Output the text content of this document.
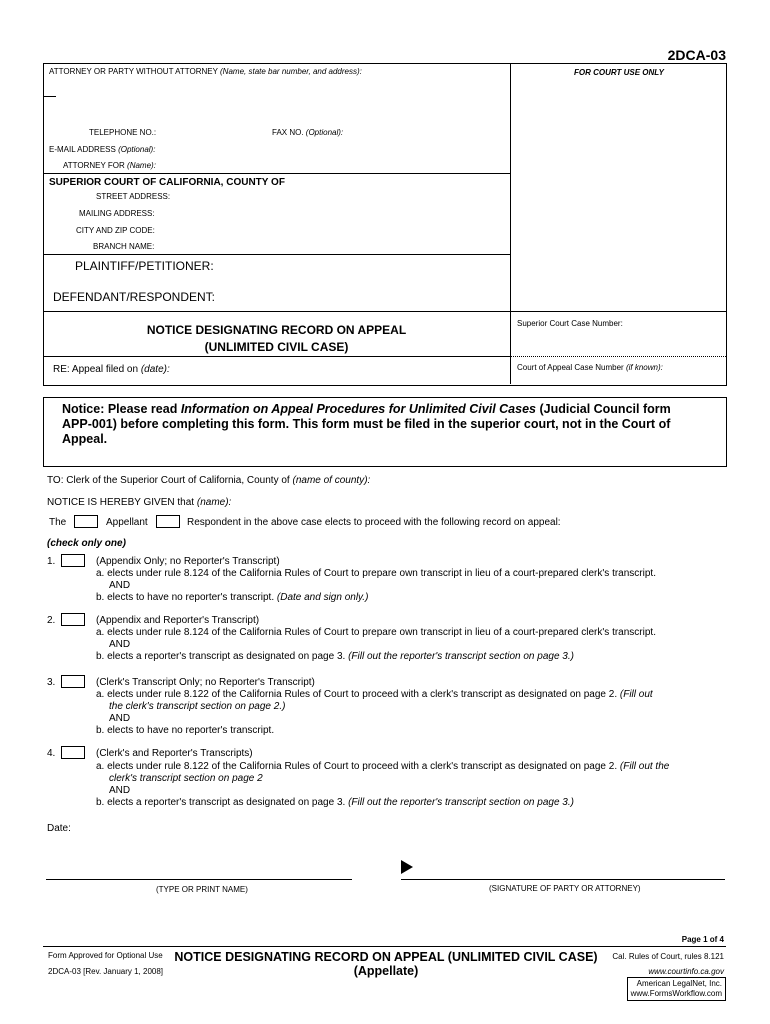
2DCA-03
ATTORNEY OR PARTY WITHOUT ATTORNEY (Name, state bar number, and address):	FOR COURT USE ONLY
TELEPHONE NO.:	FAX NO. (Optional):
E-MAIL ADDRESS (Optional):
ATTORNEY FOR (Name):
SUPERIOR COURT OF CALIFORNIA, COUNTY OF
STREET ADDRESS:
MAILING ADDRESS:
CITY AND ZIP CODE:
BRANCH NAME:
PLAINTIFF/PETITIONER:
DEFENDANT/RESPONDENT:
NOTICE DESIGNATING RECORD ON APPEAL
(UNLIMITED CIVIL CASE)
Superior Court Case Number:
RE: Appeal filed on (date):	Court of Appeal Case Number (if known):
Notice: Please read Information on Appeal Procedures for Unlimited Civil Cases (Judicial Council form
APP-001) before completing this form. This form must be filed in the superior court, not in the Court of
Appeal.
TO: Clerk of the Superior Court of California, County of (name of county):
NOTICE IS HEREBY GIVEN that (name):
The	Appellant	Respondent in the above case elects to proceed with the following record on appeal:
(check only one)
1.	(Appendix Only; no Reporter's Transcript)
a. elects under rule 8.124 of the California Rules of Court to prepare own transcript in lieu of a court-prepared clerk's transcript.
AND
b. elects to have no reporter's transcript. (Date and sign only.)
2.	(Appendix and Reporter's Transcript)
a. elects under rule 8.124 of the California Rules of Court to prepare own transcript in lieu of a court-prepared clerk's transcript.
AND
b. elects a reporter's transcript as designated on page 3. (Fill out the reporter's transcript section on page 3.)
3.	(Clerk's Transcript Only; no Reporter's Transcript)
a. elects under rule 8.122 of the California Rules of Court to proceed with a clerk's transcript as designated on page 2. (Fill out
the clerk's transcript section on page 2.)
AND
b. elects to have no reporter's transcript.
4.	(Clerk's and Reporter's Transcripts)
a. elects under rule 8.122 of the California Rules of Court to proceed with a clerk's transcript as designated on page 2. (Fill out the
clerk's transcript section on page 2
AND
b. elects a reporter's transcript as designated on page 3. (Fill out the reporter's transcript section on page 3.)
Date:
(TYPE OR PRINT NAME)	(SIGNATURE OF PARTY OR ATTORNEY)
Page 1 of 4
Form Approved for Optional Use
2DCA-03 [Rev. January 1, 2008]
NOTICE DESIGNATING RECORD ON APPEAL (UNLIMITED CIVIL CASE)
(Appellate)
Cal. Rules of Court, rules 8.121
www.courtinfo.ca.gov
American LegalNet, Inc.
www.FormsWorkflow.com
